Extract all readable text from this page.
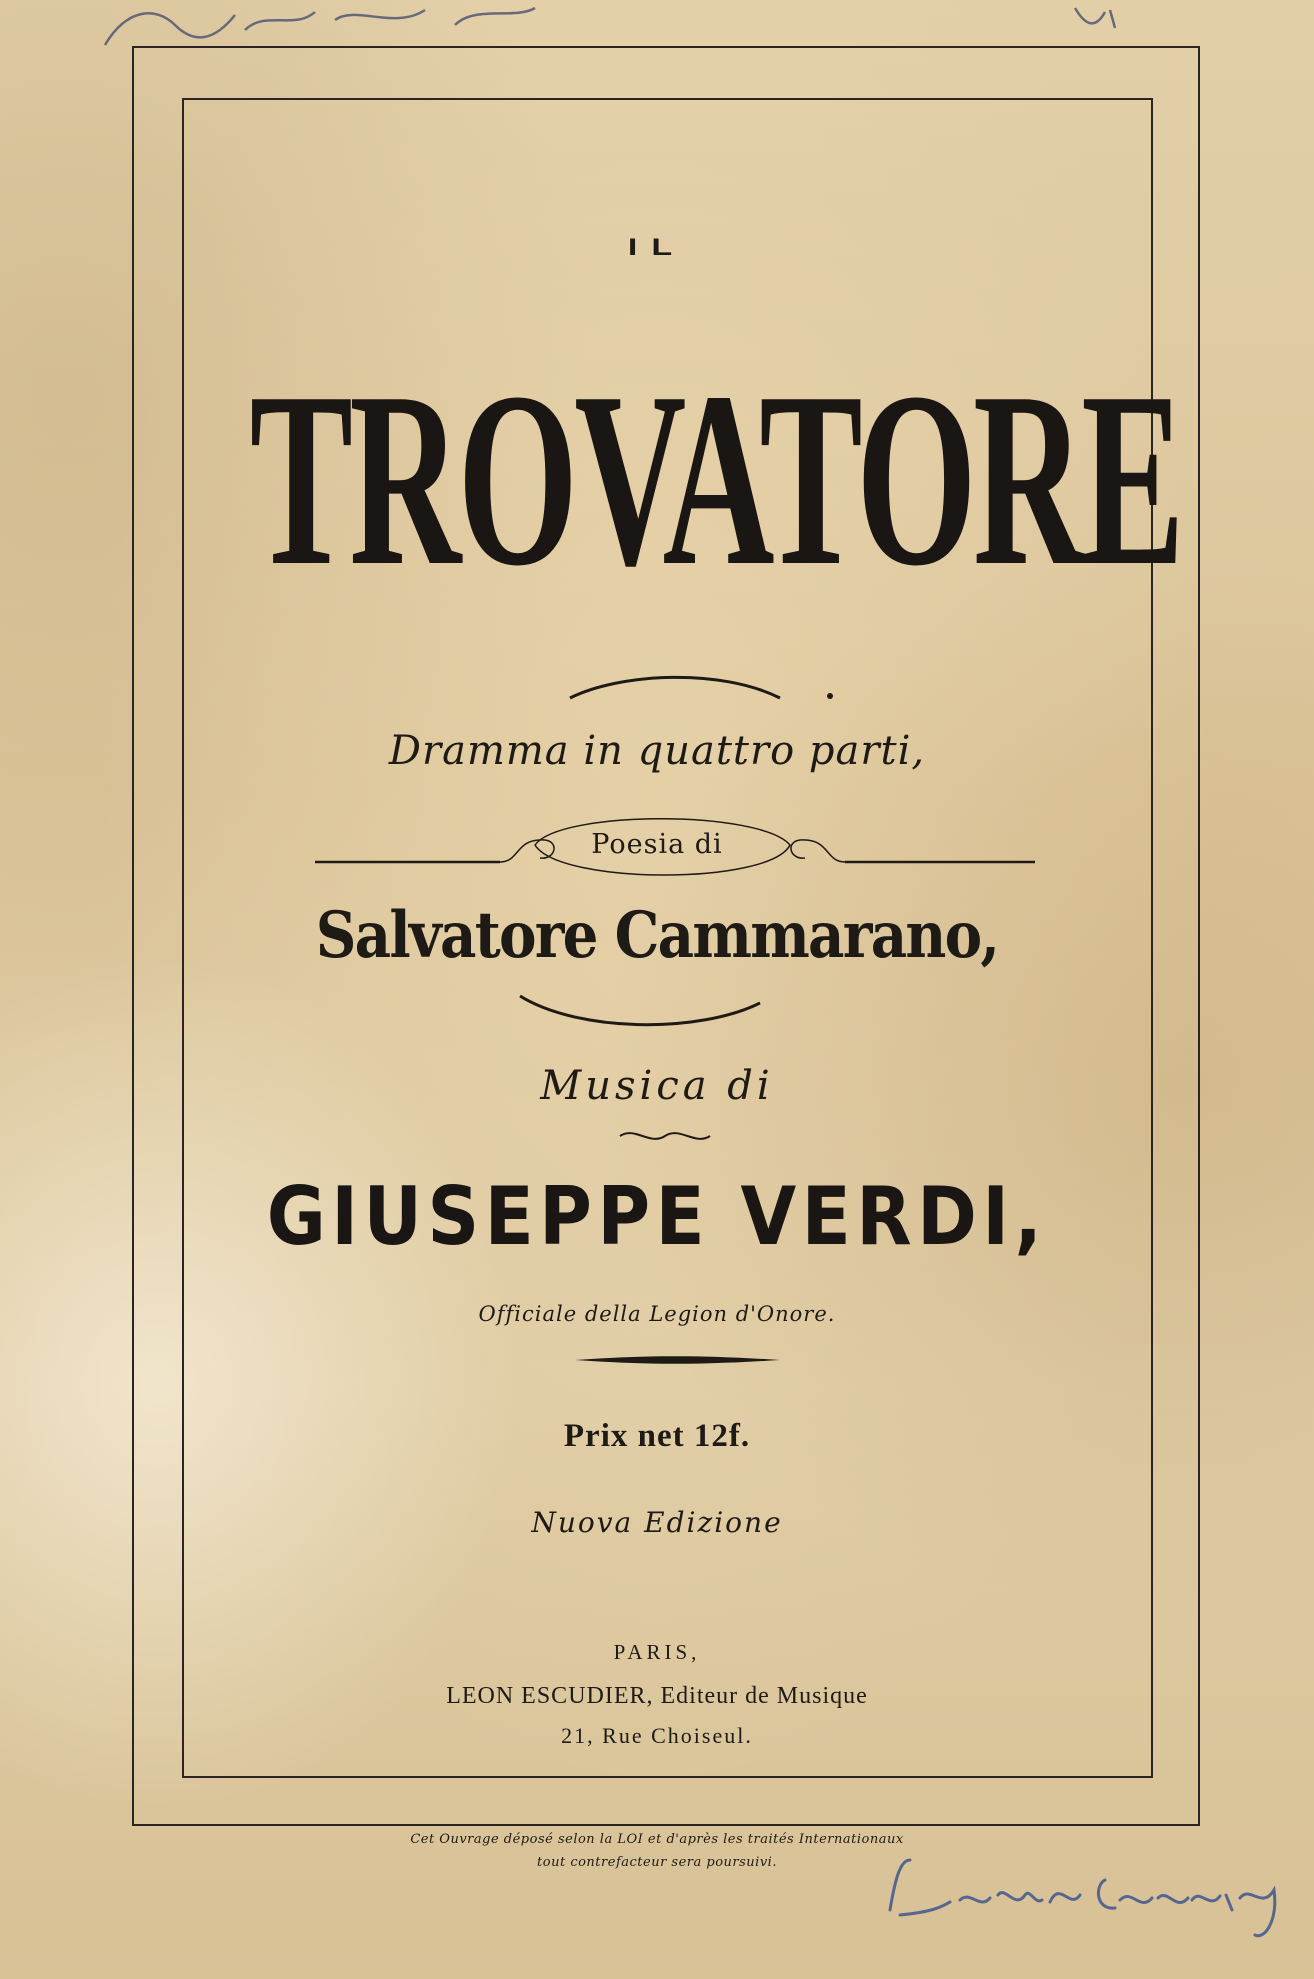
IL
TROVATORE
Dramma in quattro parti,
Poesia di
Salvatore Cammarano,
Musica di
GIUSEPPE VERDI,
Officiale della Legion d'Onore.
Prix net 12f.
Nuova Edizione
PARIS,
LEON ESCUDIER, Editeur de Musique
21, Rue Choiseul.
Cet Ouvrage déposé selon la LOI et d'après les traités Internationaux
tout contrefacteur sera poursuivi.
